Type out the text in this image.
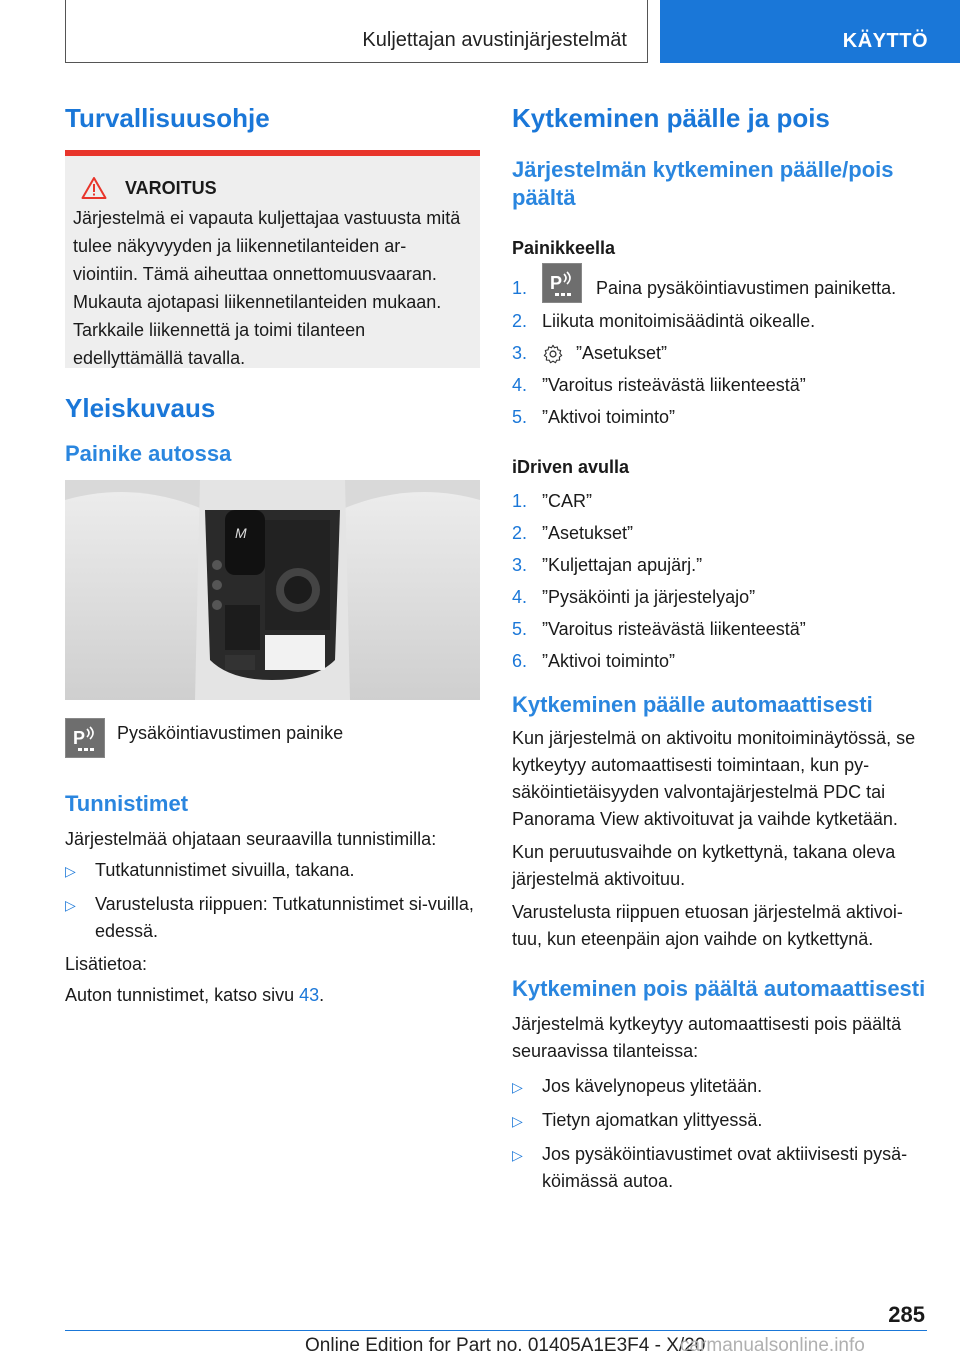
Kuljettajan avustinjärjestelmät	KÄYTTÖ
Turvallisuusohje
VAROITUS

Järjestelmä ei vapauta kuljettajaa vastuusta mitä tulee näkyvyyden ja liikennetilanteiden ar-viointiin. Tämä aiheuttaa onnettomuusvaaran. Mukauta ajotapasi liikennetilanteiden mukaan. Tarkkaile liikennettä ja toimi tilanteen edellyttämällä tavalla.

Yleiskuvaus
Painike autossa
M
P Pysäköintiavustimen painike

Tunnistimet

Järjestelmää ohjataan seuraavilla tunnistimilla:

▷	Tutkatunnistimet sivuilla, takana.
▷	Varustelusta riippuen: Tutkatunnistimet si-vuilla, edessä.

Lisätietoa:

Auton tunnistimet, katso sivu 43.

Kytkeminen päälle ja pois
Järjestelmän kytkeminen päälle/pois päältä
Painikkeella
1.	P Paina pysäköintiavustimen painiketta.
2. Liikuta monitoimisäädintä oikealle.
3.	”Asetukset”
4. ”Varoitus risteävästä liikenteestä”
5. ”Aktivoi toiminto”
iDriven avulla
1. ”CAR”
2. ”Asetukset”
3. ”Kuljettajan apujärj.”
4. ”Pysäköinti ja järjestelyajo”
5. ”Varoitus risteävästä liikenteestä”
6. ”Aktivoi toiminto”
Kytkeminen päälle automaattisesti

Kun järjestelmä on aktivoitu monitoiminäytössä, se kytkeytyy automaattisesti toimintaan, kun py-säköintietäisyyden valvontajärjestelmä PDC tai Panorama View aktivoituvat ja vaihde kytketään.

Kun peruutusvaihde on kytkettynä, takana oleva järjestelmä aktivoituu.

Varustelusta riippuen etuosan järjestelmä aktivoi-tuu, kun eteenpäin ajon vaihde on kytkettynä.

Kytkeminen pois päältä automaattisesti

Järjestelmä kytkeytyy automaattisesti pois päältä seuraavissa tilanteissa:

▷	Jos kävelynopeus ylitetään.
▷	Tietyn ajomatkan ylittyessä.
▷	Jos pysäköintiavustimet ovat aktiivisesti pysä-köimässä autoa.
285
Online Edition for Part no. 01405A1E3F4 - X/20
carmanualsonline.info
